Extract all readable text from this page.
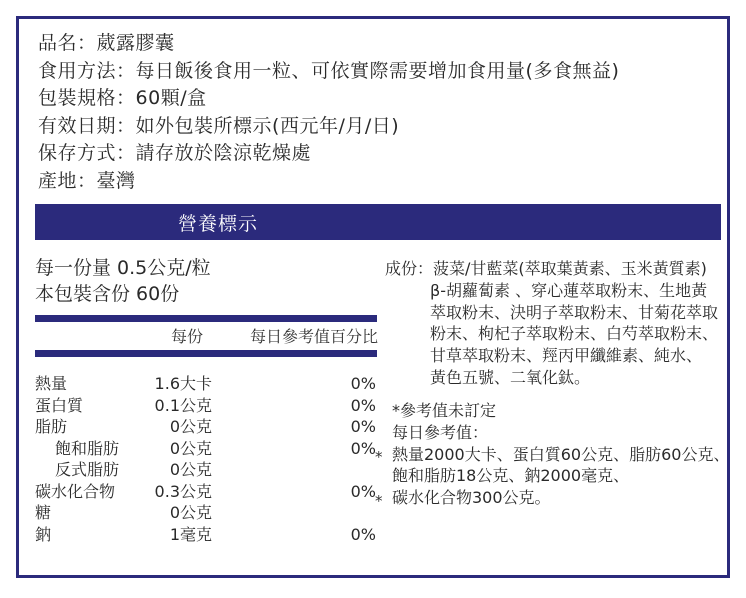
品名：葳露膠囊
食用方法：每日飯後食用一粒、可依實際需要增加食用量(多食無益)
包裝規格：60顆/盒
有效日期：如外包裝所標示(西元年/月/日)
保存方式：請存放於陰涼乾燥處
產地：臺灣
營養標示
每一份量 0.5公克/粒
本包裝含份 60份
每份	每日參考值百分比
熱量
蛋白質
脂肪
飽和脂肪
反式脂肪
碳水化合物
糖
鈉
1.6大卡
0.1公克
0公克
0公克
0公克
0.3公克
0公克
1毫克
0%
0%
0%
0%
0%
0%
*
*
成份：菠菜/甘藍菜(萃取葉黃素、玉米黃質素)
β-胡蘿蔔素 、穿心蓮萃取粉末、生地黃
萃取粉末、決明子萃取粉末、甘菊花萃取
粉末、枸杞子萃取粉末、白芍萃取粉末、
甘草萃取粉末、羥丙甲纖維素、純水、
黃色五號、二氧化鈦。
*參考值未訂定
每日參考值：
熱量2000大卡、蛋白質60公克、脂肪60公克、
飽和脂肪18公克、鈉2000毫克、
碳水化合物300公克。
